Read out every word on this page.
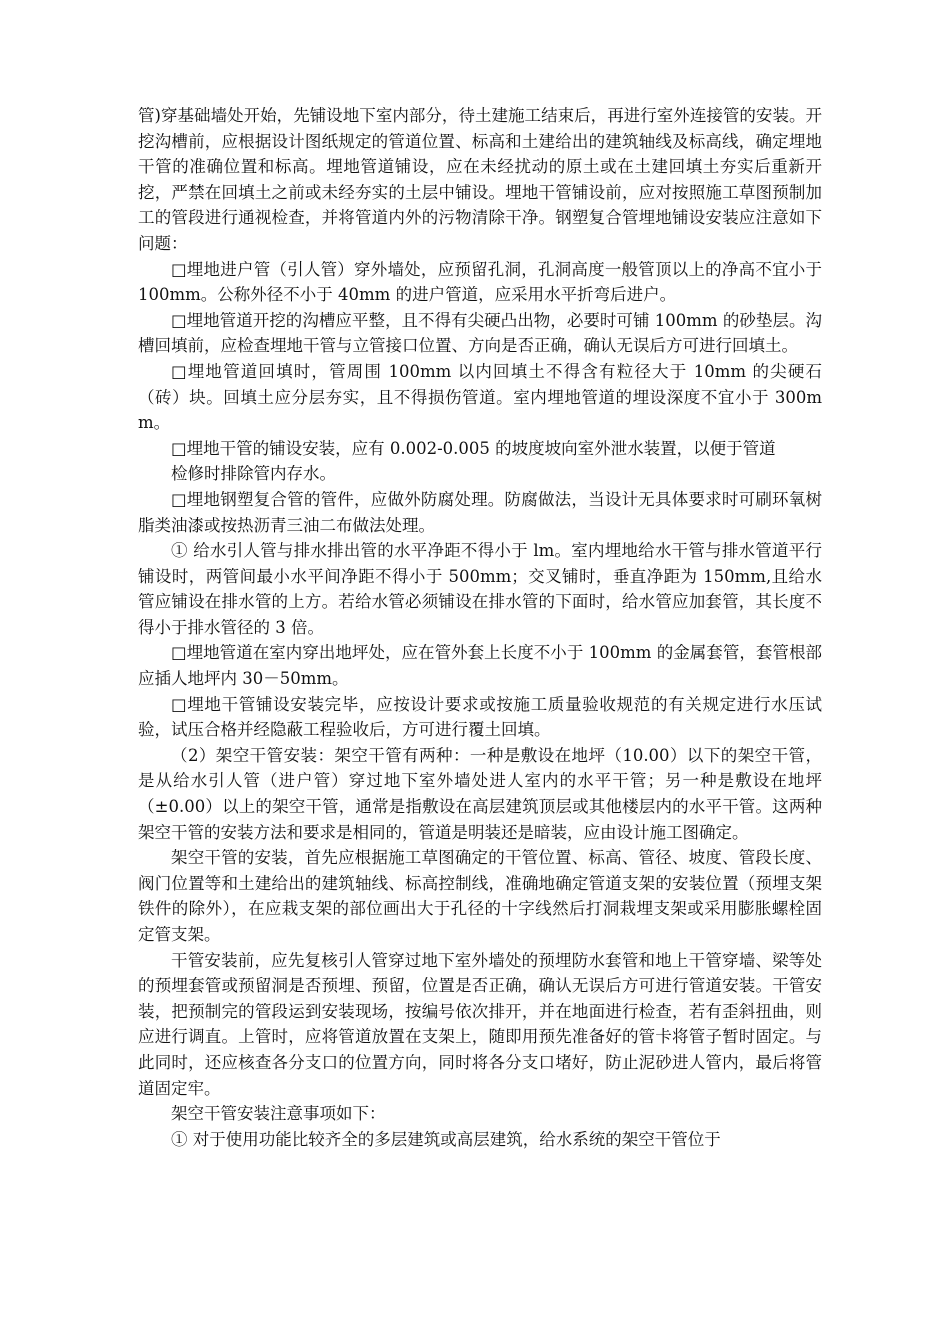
管)穿基础墙处开始，先铺设地下室内部分，待土建施工结束后，再进行室外连接管的安装。开挖沟槽前，应根据设计图纸规定的管道位置、标高和土建给出的建筑轴线及标高线，确定埋地干管的准确位置和标高。埋地管道铺设，应在未经扰动的原土或在土建回填土夯实后重新开挖，严禁在回填土之前或未经夯实的土层中铺设。埋地干管铺设前，应对按照施工草图预制加工的管段进行通视检查，并将管道内外的污物清除干净。钢塑复合管埋地铺设安装应注意如下问题：

□埋地进户管（引人管）穿外墙处，应预留孔洞，孔洞高度一般管顶以上的净高不宜小于 100mm。公称外径不小于 40mm 的进户管道，应采用水平折弯后进户。

□埋地管道开挖的沟槽应平整，且不得有尖硬凸出物，必要时可铺 100mm 的砂垫层。沟槽回填前，应检查埋地干管与立管接口位置、方向是否正确，确认无误后方可进行回填土。

□埋地管道回填时，管周围 100mm 以内回填土不得含有粒径大于 10mm 的尖硬石（砖）块。回填土应分层夯实，且不得损伤管道。室内埋地管道的埋设深度不宜小于 300mm。

□埋地干管的铺设安装，应有 0.002-0.005 的坡度坡向室外泄水装置，以便于管道

检修时排除管内存水。

□埋地钢塑复合管的管件，应做外防腐处理。防腐做法，当设计无具体要求时可刷环氧树脂类油漆或按热沥青三油二布做法处理。

① 给水引人管与排水排出管的水平净距不得小于 lm。室内埋地给水干管与排水管道平行铺设时，两管间最小水平间净距不得小于 500mm；交叉铺时，垂直净距为 150mm,且给水管应铺设在排水管的上方。若给水管必须铺设在排水管的下面时，给水管应加套管，其长度不得小于排水管径的 3 倍。

□埋地管道在室内穿出地坪处，应在管外套上长度不小于 100mm 的金属套管，套管根部应插人地坪内 30－50mm。

□埋地干管铺设安装完毕，应按设计要求或按施工质量验收规范的有关规定进行水压试验，试压合格并经隐蔽工程验收后，方可进行覆土回填。

（2）架空干管安装：架空干管有两种：一种是敷设在地坪（10.00）以下的架空干管，是从给水引人管（进户管）穿过地下室外墙处进人室内的水平干管；另一种是敷设在地坪（±0.00）以上的架空干管，通常是指敷设在高层建筑顶层或其他楼层内的水平干管。这两种架空干管的安装方法和要求是相同的，管道是明装还是暗装，应由设计施工图确定。

架空干管的安装，首先应根据施工草图确定的干管位置、标高、管径、坡度、管段长度、阀门位置等和土建给出的建筑轴线、标高控制线，准确地确定管道支架的安装位置（预埋支架铁件的除外），在应栽支架的部位画出大于孔径的十字线然后打洞栽埋支架或采用膨胀螺栓固定管支架。

干管安装前，应先复核引人管穿过地下室外墙处的预埋防水套管和地上干管穿墙、梁等处的预埋套管或预留洞是否预埋、预留，位置是否正确，确认无误后方可进行管道安装。干管安装，把预制完的管段运到安装现场，按编号依次排开，并在地面进行检查，若有歪斜扭曲，则应进行调直。上管时，应将管道放置在支架上，随即用预先准备好的管卡将管子暂时固定。与此同时，还应核查各分支口的位置方向，同时将各分支口堵好，防止泥砂进人管内，最后将管道固定牢。

架空干管安装注意事项如下：

① 对于使用功能比较齐全的多层建筑或高层建筑，给水系统的架空干管位于
